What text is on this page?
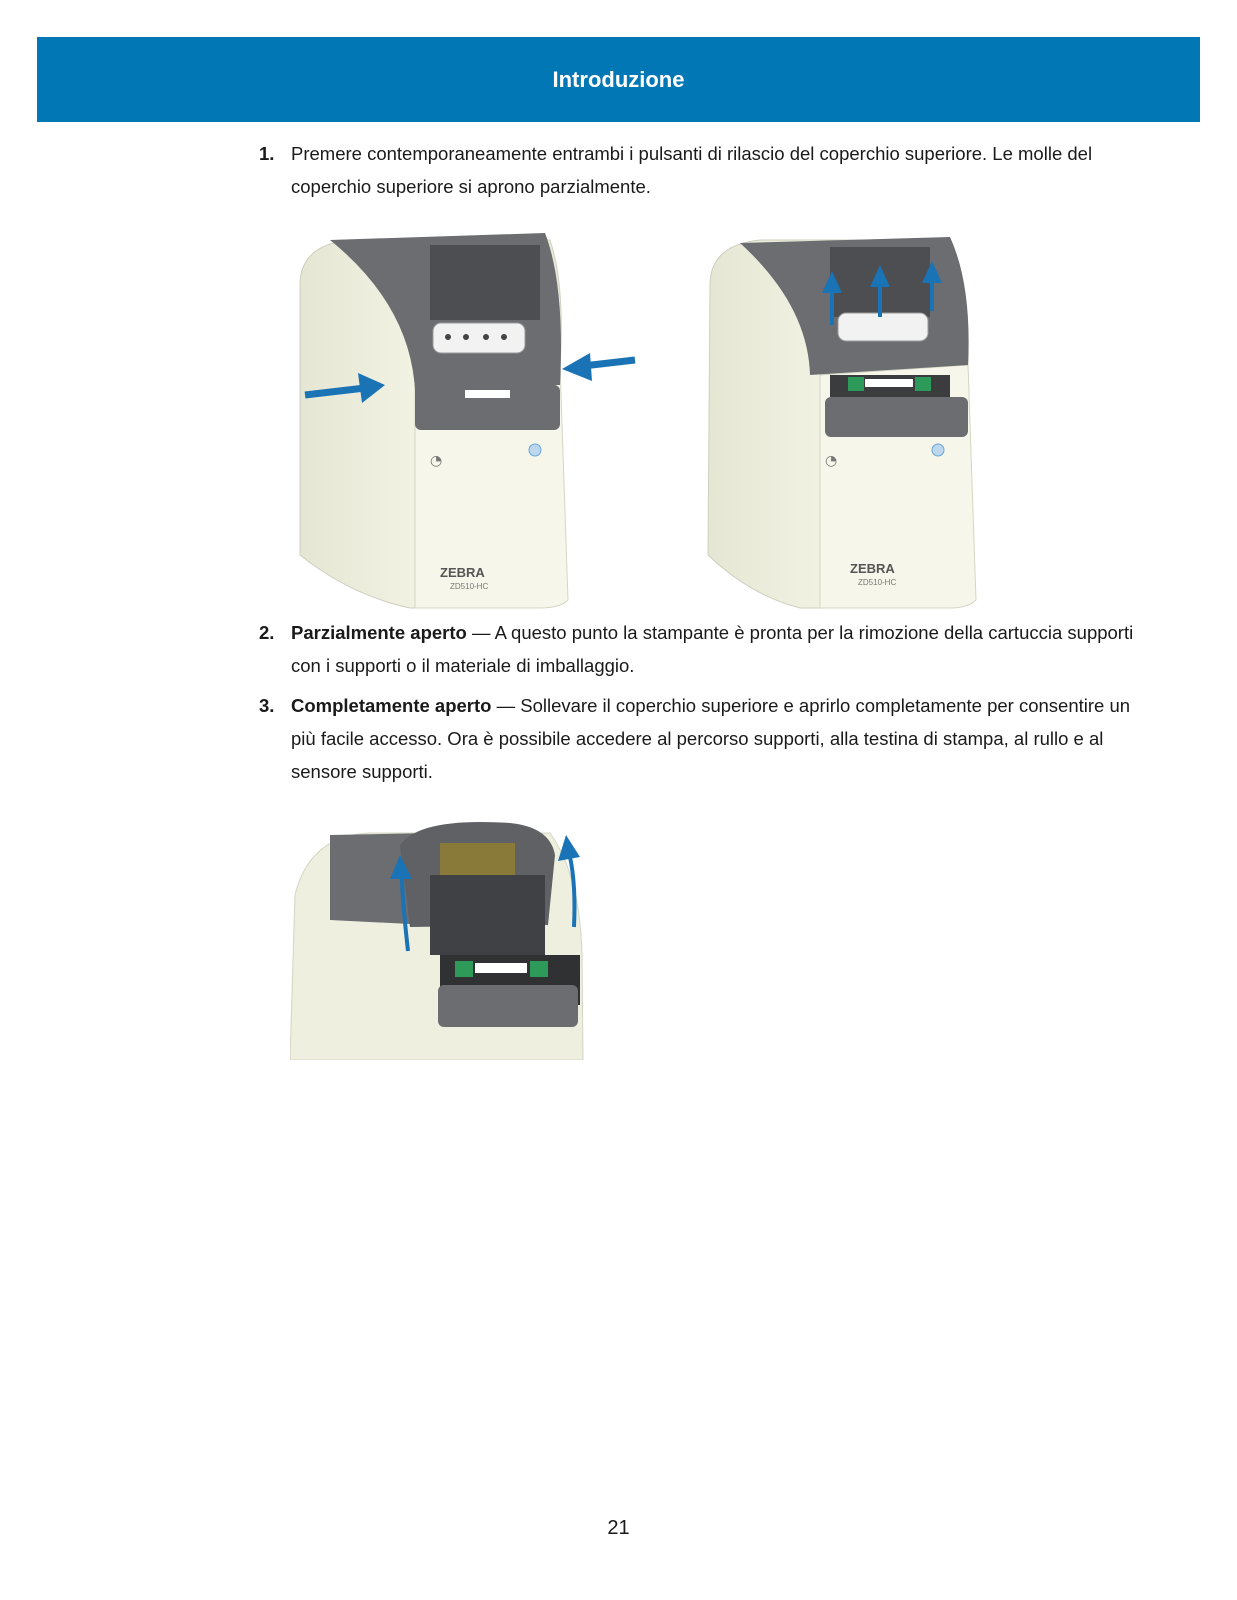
Introduzione
1. Premere contemporaneamente entrambi i pulsanti di rilascio del coperchio superiore. Le molle del coperchio superiore si aprono parzialmente.
◔
ZEBRA
ZD510-HC
◔
ZEBRA
ZD510-HC
2. Parzialmente aperto — A questo punto la stampante è pronta per la rimozione della cartuccia supporti con i supporti o il materiale di imballaggio.
3. Completamente aperto — Sollevare il coperchio superiore e aprirlo completamente per consentire un più facile accesso. Ora è possibile accedere al percorso supporti, alla testina di stampa, al rullo e al sensore supporti.
21
